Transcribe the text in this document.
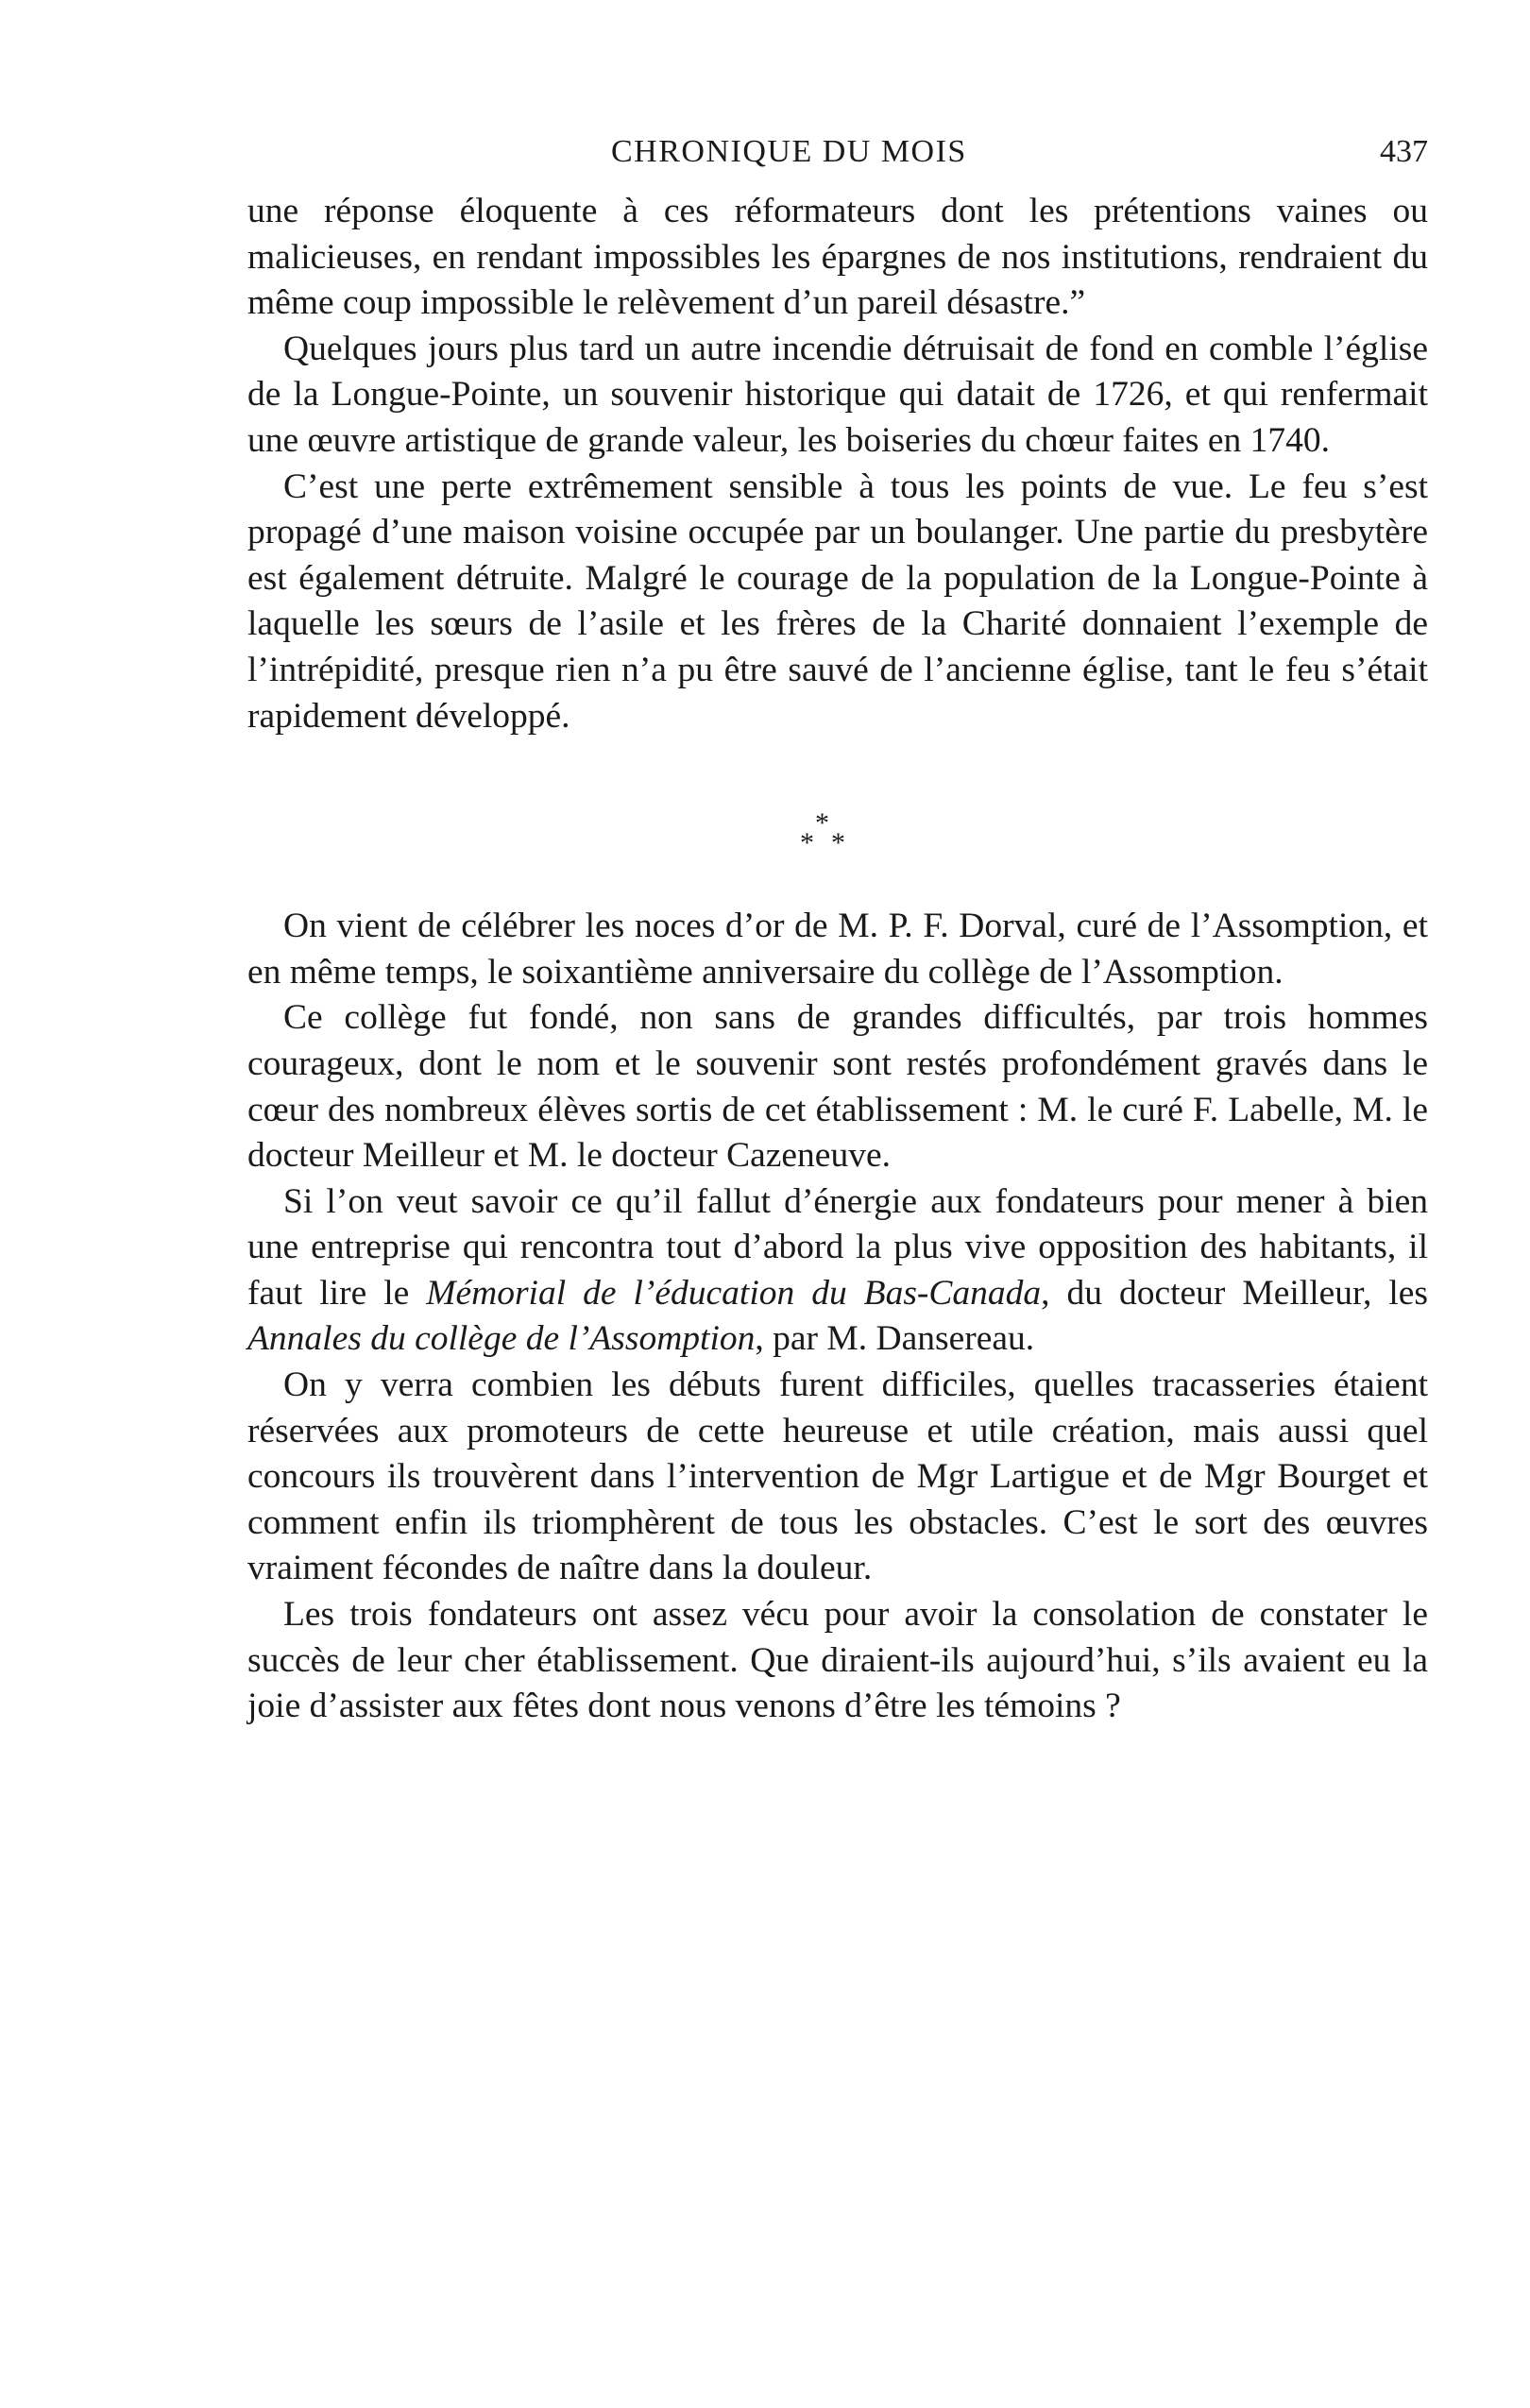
CHRONIQUE DU MOIS	437

une réponse éloquente à ces réformateurs dont les prétentions vaines ou malicieuses, en rendant impossibles les épargnes de nos institutions, rendraient du même coup impossible le relèvement d’un pareil désastre.”

Quelques jours plus tard un autre incendie détruisait de fond en comble l’église de la Longue-Pointe, un souvenir historique qui datait de 1726, et qui renfermait une œuvre artistique de grande valeur, les boiseries du chœur faites en 1740.

C’est une perte extrêmement sensible à tous les points de vue. Le feu s’est propagé d’une maison voisine occupée par un boulanger. Une partie du presbytère est également détruite. Malgré le courage de la population de la Longue-Pointe à laquelle les sœurs de l’asile et les frères de la Charité donnaient l’exemple de l’intrépidité, presque rien n’a pu être sauvé de l’ancienne église, tant le feu s’était rapidement développé.

*
* *

On vient de célébrer les noces d’or de M. P. F. Dorval, curé de l’Assomption, et en même temps, le soixantième anniversaire du collège de l’Assomption.

Ce collège fut fondé, non sans de grandes difficultés, par trois hommes courageux, dont le nom et le souvenir sont restés profondément gravés dans le cœur des nombreux élèves sortis de cet établissement : M. le curé F. Labelle, M. le docteur Meilleur et M. le docteur Cazeneuve.

Si l’on veut savoir ce qu’il fallut d’énergie aux fondateurs pour mener à bien une entreprise qui rencontra tout d’abord la plus vive opposition des habitants, il faut lire le Mémorial de l’éducation du Bas-Canada, du docteur Meilleur, les Annales du collège de l’Assomption, par M. Dansereau.

On y verra combien les débuts furent difficiles, quelles tracasseries étaient réservées aux promoteurs de cette heureuse et utile création, mais aussi quel concours ils trouvèrent dans l’intervention de Mgr Lartigue et de Mgr Bourget et comment enfin ils triomphèrent de tous les obstacles. C’est le sort des œuvres vraiment fécondes de naître dans la douleur.

Les trois fondateurs ont assez vécu pour avoir la consolation de constater le succès de leur cher établissement. Que diraient-ils aujourd’hui, s’ils avaient eu la joie d’assister aux fêtes dont nous venons d’être les témoins ?
